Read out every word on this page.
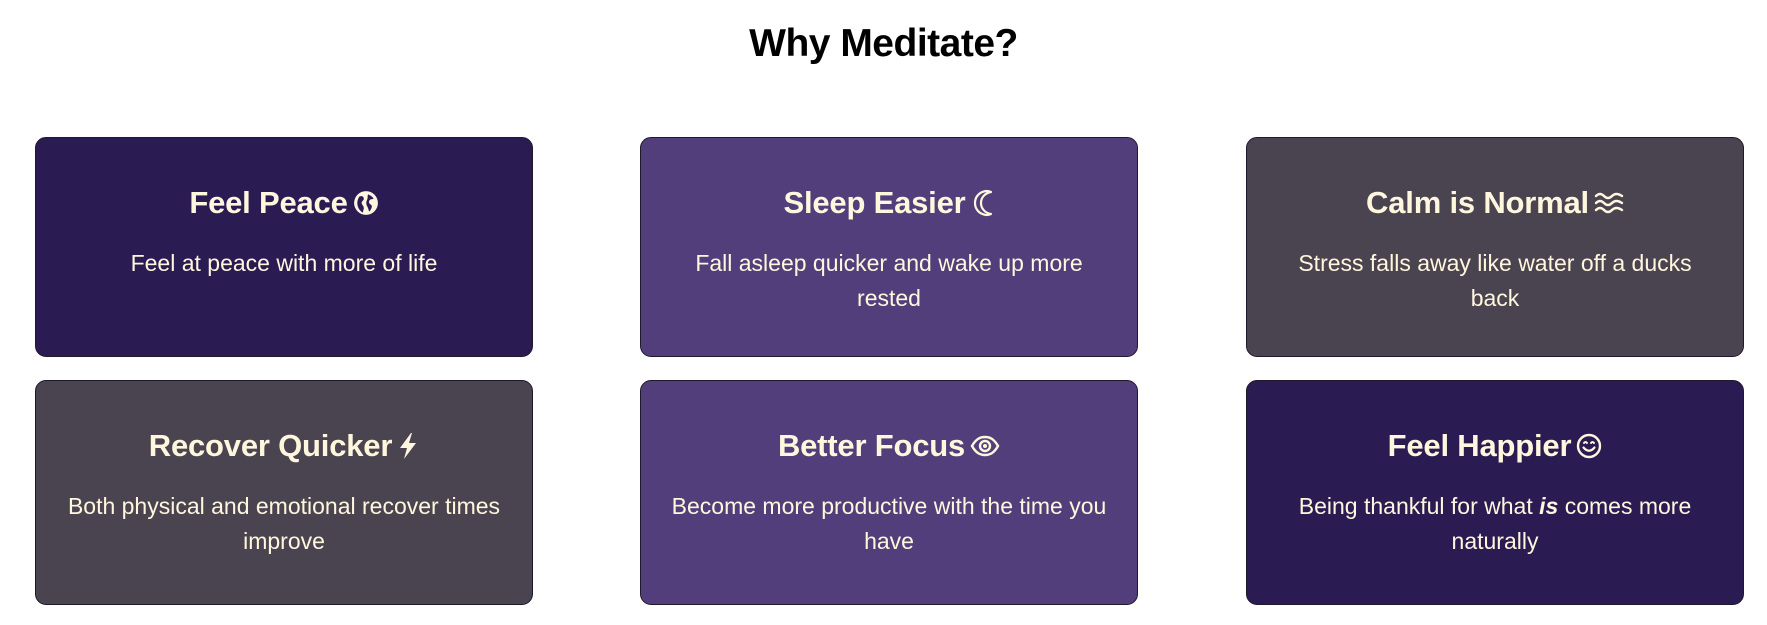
Why Meditate?
Feel Peace

Feel at peace with more of life

Sleep Easier

Fall asleep quicker and wake up more rested

Calm is Normal

Stress falls away like water off a ducks back

Recover Quicker

Both physical and emotional recover times improve

Better Focus

Become more productive with the time you have

Feel Happier

Being thankful for what is comes more naturally
